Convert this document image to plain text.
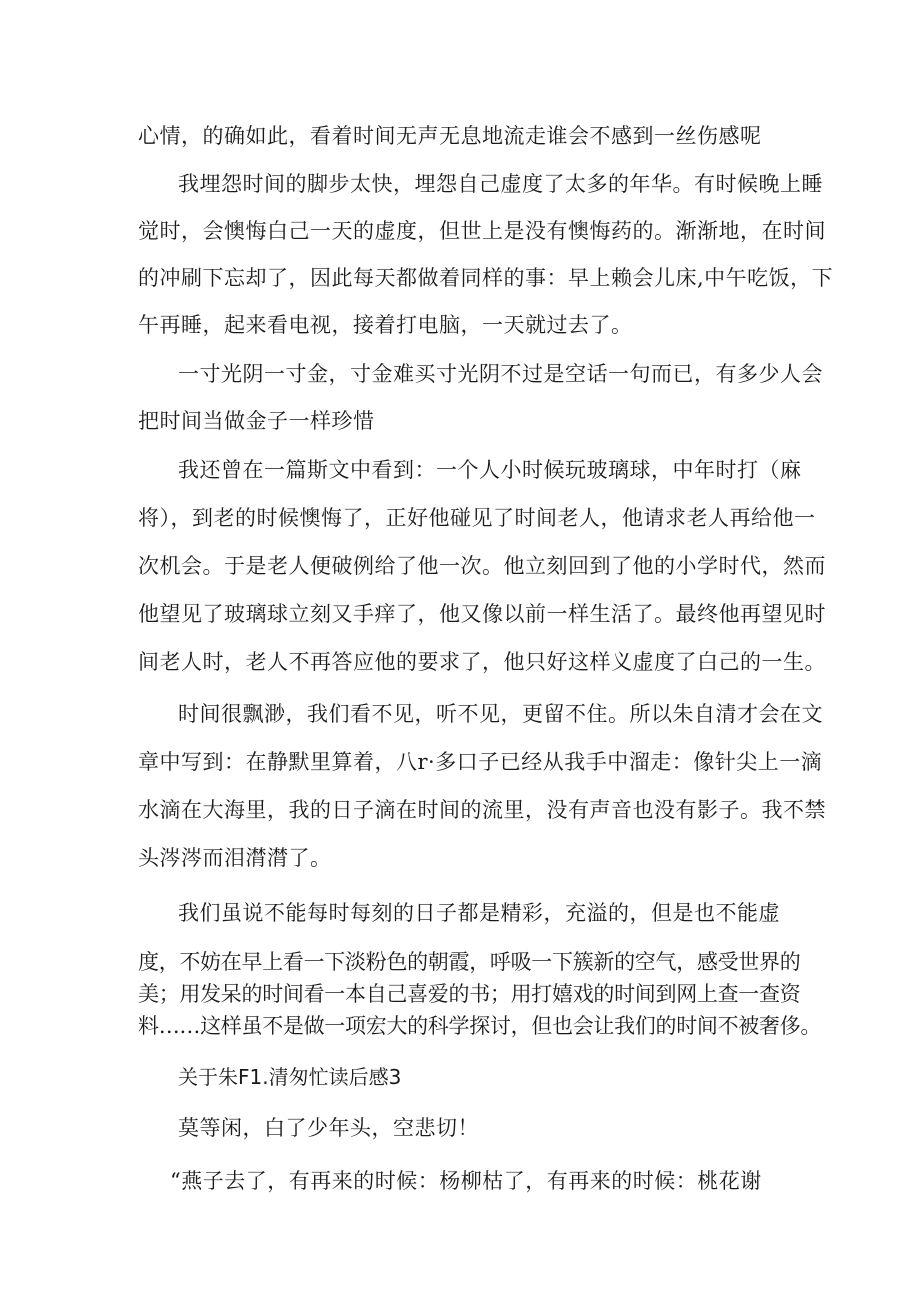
心情，的确如此，看着时间无声无息地流走谁会不感到一丝伤感呢
我埋怨时间的脚步太快，埋怨自己虚度了太多的年华。有时候晚上睡
觉时，会懊悔白己一天的虚度，但世上是没有懊悔药的。渐渐地，在时间
的冲刷下忘却了，因此每天都做着同样的事：早上赖会儿床,中午吃饭，下
午再睡，起来看电视，接着打电脑，一天就过去了。
一寸光阴一寸金，寸金难买寸光阴不过是空话一句而已，有多少人会
把时间当做金子一样珍惜
我还曾在一篇斯文中看到：一个人小时候玩玻璃球，中年时打（麻
将），到老的时候懊悔了，正好他碰见了时间老人，他请求老人再给他一
次机会。于是老人便破例给了他一次。他立刻回到了他的小学时代，然而
他望见了玻璃球立刻又手痒了，他又像以前一样生活了。最终他再望见时
间老人时，老人不再答应他的要求了，他只好这样义虚度了白己的一生。
时间很飘渺，我们看不见，听不见，更留不住。所以朱自清才会在文
章中写到：在静默里算着，八r·多口子已经从我手中溜走：像针尖上一滴
水滴在大海里，我的日子滴在时间的流里，没有声音也没有影子。我不禁
头涔涔而泪潸潸了。
我们虽说不能每时每刻的日子都是精彩，充溢的，但是也不能虚
度，不妨在早上看一下淡粉色的朝霞，呼吸一下簇新的空气，感受世界的
美；用发呆的时间看一本自己喜爱的书；用打嬉戏的时间到网上查一查资
料……这样虽不是做一项宏大的科学探讨，但也会让我们的时间不被奢侈。
关于朱F1.清匆忙读后感3
莫等闲，白了少年头，空悲切！
“燕子去了，有再来的时候：杨柳枯了，有再来的时候：桃花谢
